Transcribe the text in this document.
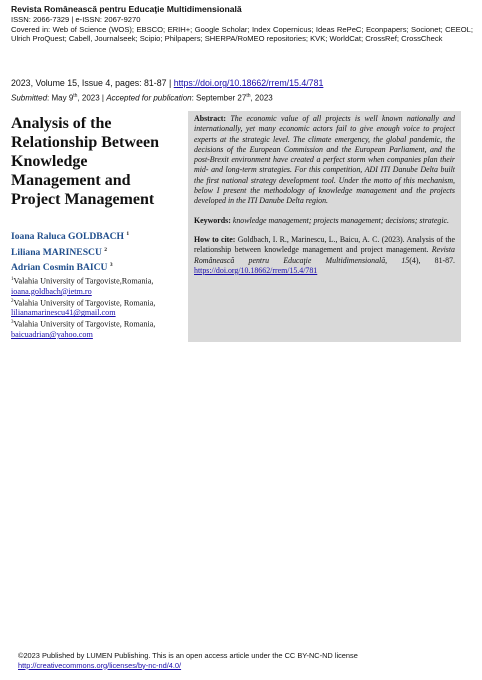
Revista Românească pentru Educaţie Multidimensională
ISSN: 2066-7329 | e-ISSN: 2067-9270
Covered in: Web of Science (WOS); EBSCO; ERIH+; Google Scholar; Index Copernicus; Ideas RePeC; Econpapers; Socionet; CEEOL; Ulrich ProQuest; Cabell, Journalseek; Scipio; Philpapers; SHERPA/RoMEO repositories; KVK; WorldCat; CrossRef; CrossCheck
2023, Volume 15, Issue 4, pages: 81-87 | https://doi.org/10.18662/rrem/15.4/781
Submitted: May 9th, 2023 | Accepted for publication: September 27th, 2023
Analysis of the Relationship Between Knowledge Management and Project Management
Ioana Raluca GOLDBACH $^1$
Liliana MARINESCU $^2$
Adrian Cosmin BAICU $^3$
$^1$Valahia University of Targoviste,Romania,
ioana.goldbach@ietm.ro
$^2$Valahia University of Targoviste, Romania,
lilianamarinescu41@gmail.com
$^3$Valahia University of Targoviste, Romania,
baicuadrian@yahoo.com

Abstract: The economic value of all projects is well known nationally and internationally, yet many economic actors fail to give enough voice to project experts at the strategic level. The climate emergency, the global pandemic, the decisions of the European Commission and the European Parliament, and the post-Brexit environment have created a perfect storm when companies plan their mid- and long-term strategies. For this competition, ADI ITI Danube Delta built the first national strategy development tool. Under the motto of this mechanism, below I present the methodology of knowledge management and the projects developed in the ITI Danube Delta region.

Keywords: knowledge management; projects management; decisions; strategic.

How to cite: Goldbach, I. R., Marinescu, L., Baicu, A. C. (2023). Analysis of the relationship between knowledge management and project management. Revista Românească pentru Educaţie Multidimensională, 15(4), 81-87. https://doi.org/10.18662/rrem/15.4/781

©2023 Published by LUMEN Publishing. This is an open access article under the CC BY-NC-ND license
http://creativecommons.org/licenses/by-nc-nd/4.0/
